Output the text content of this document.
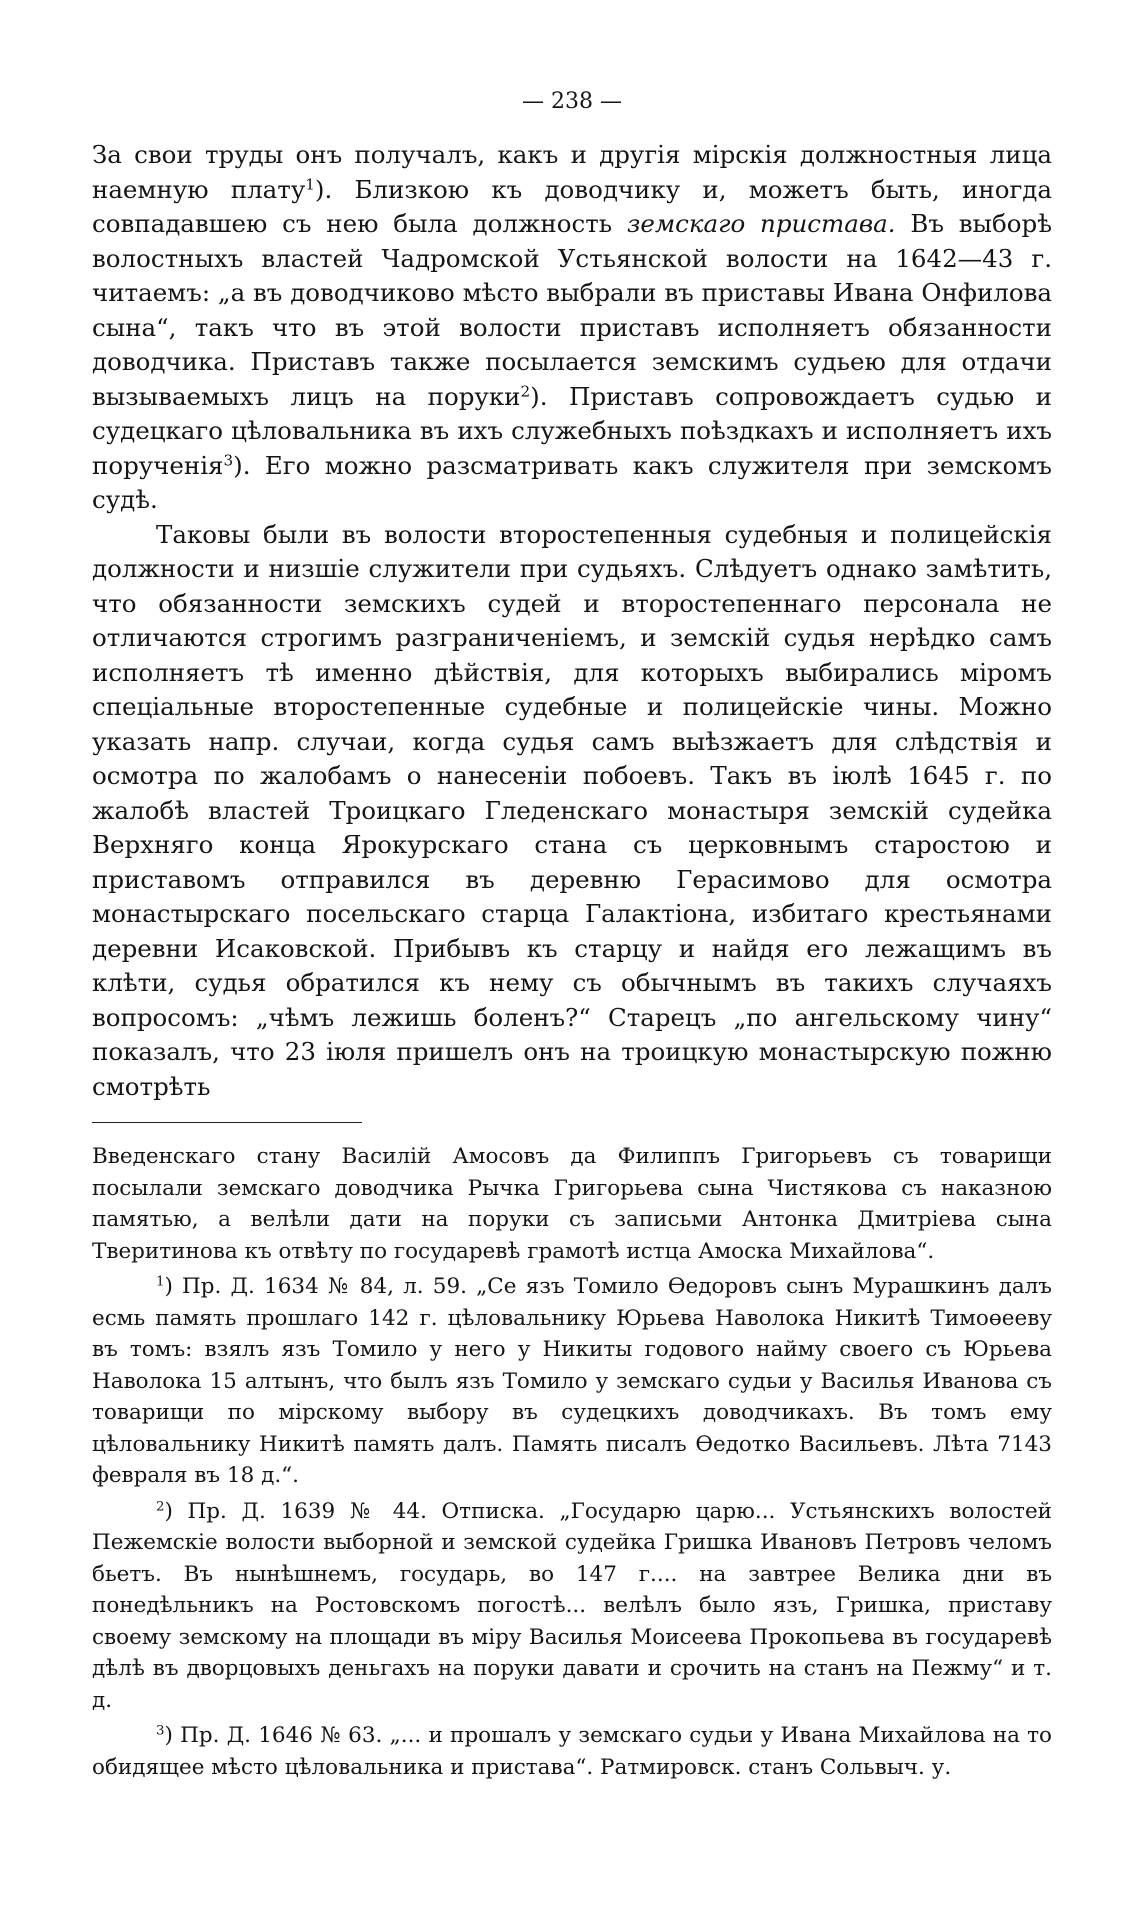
— 238 —

За свои труды онъ получалъ, какъ и другія мірскія должностныя лица наемную плату$^1$). Близкою къ доводчику и, можетъ быть, иногда совпадавшею съ нею была должность земскаго пристава. Въ выборѣ волостныхъ властей Чадромской Устьянской волости на 1642—43 г. читаемъ: „а въ доводчиково мѣсто выбрали въ приставы Ивана Онфилова сына“, такъ что въ этой волости приставъ исполняетъ обязанности доводчика. Приставъ также посылается земскимъ судьею для отдачи вызываемыхъ лицъ на поруки$^2$). Приставъ сопровождаетъ судью и судецкаго цѣловальника въ ихъ служебныхъ поѣздкахъ и исполняетъ ихъ порученія$^3$). Его можно разсматривать какъ служителя при земскомъ судѣ.

Таковы были въ волости второстепенныя судебныя и полицейскія должности и низшіе служители при судьяхъ. Слѣдуетъ однако замѣтить, что обязанности земскихъ судей и второстепеннаго персонала не отличаются строгимъ разграниченіемъ, и земскій судья нерѣдко самъ исполняетъ тѣ именно дѣйствія, для которыхъ выбирались міромъ спеціальные второстепенные судебные и полицейскіе чины. Можно указать напр. случаи, когда судья самъ выѣзжаетъ для слѣдствія и осмотра по жалобамъ о нанесеніи побоевъ. Такъ въ іюлѣ 1645 г. по жалобѣ властей Троицкаго Гледенскаго монастыря земскій судейка Верхняго конца Ярокурскаго стана съ церковнымъ старостою и приставомъ отправился въ деревню Герасимово для осмотра монастырскаго посельскаго старца Галактіона, избитаго крестьянами деревни Исаковской. Прибывъ къ старцу и найдя его лежащимъ въ клѣти, судья обратился къ нему съ обычнымъ въ такихъ случаяхъ вопросомъ: „чѣмъ лежишь боленъ?“ Старецъ „по ангельскому чину“ показалъ, что 23 іюля пришелъ онъ на троицкую монастырскую пожню смотрѣть

Введенскаго стану Василій Амосовъ да Филиппъ Григорьевъ съ товарищи посылали земскаго доводчика Рычка Григорьева сына Чистякова съ наказною памятью, а велѣли дати на поруки съ записьми Антонка Дмитріева сына Тверитинова къ отвѣту по государевѣ грамотѣ истца Амоска Михайлова“.

$^1$) Пр. Д. 1634 № 84, л. 59. „Се язъ Томило Өедоровъ сынъ Мурашкинъ далъ есмь память прошлаго 142 г. цѣловальнику Юрьева Наволока Никитѣ Тимоөееву въ томъ: взялъ язъ Томило у него у Никиты годового найму своего съ Юрьева Наволока 15 алтынъ, что былъ язъ Томило у земскаго судьи у Василья Иванова съ товарищи по мірскому выбору въ судецкихъ доводчикахъ. Въ томъ ему цѣловальнику Никитѣ память далъ. Память писалъ Өедотко Васильевъ. Лѣта 7143 февраля въ 18 д.“.

$^2$) Пр. Д. 1639 № 44. Отписка. „Государю царю... Устьянскихъ волостей Пежемскіе волости выборной и земской судейка Гришка Ивановъ Петровъ челомъ бьетъ. Въ нынѣшнемъ, государь, во 147 г.... на завтрее Велика дни въ понедѣльникъ на Ростовскомъ погостѣ... велѣлъ было язъ, Гришка, приставу своему земскому на площади въ міру Василья Моисеева Прокопьева въ государевѣ дѣлѣ въ дворцовыхъ деньгахъ на поруки давати и срочить на станъ на Пежму“ и т. д.

$^3$) Пр. Д. 1646 № 63. „... и прошалъ у земскаго судьи у Ивана Михайлова на то обидящее мѣсто цѣловальника и пристава“. Ратмировск. станъ Сольвыч. у.
